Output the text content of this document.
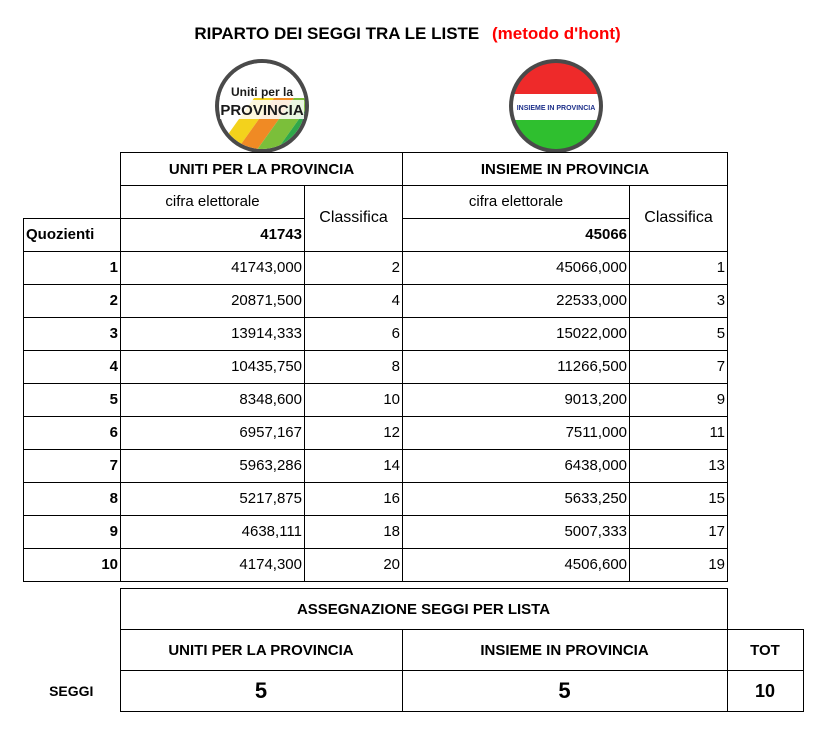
RIPARTO DEI SEGGI TRA LE LISTE (metodo d'hont)
Uniti per la
PROVINCIA	INSIEME IN PROVINCIA
	UNITI PER LA PROVINCIA		INSIEME IN PROVINCIA	
	cifra elettorale	Classifica	cifra elettorale	Classifica
Quozienti	41743		45066	
1	41743,000	2	45066,000	1
2	20871,500	4	22533,000	3
3	13914,333	6	15022,000	5
4	10435,750	8	11266,500	7
5	8348,600	10	9013,200	9
6	6957,167	12	7511,000	11
7	5963,286	14	6438,000	13
8	5217,875	16	5633,250	15
9	4638,111	18	5007,333	17
10	4174,300	20	4506,600	19
	ASSEGNAZIONE SEGGI PER LISTA		
	UNITI PER LA PROVINCIA	INSIEME IN PROVINCIA	TOT
SEGGI	5	5	10
